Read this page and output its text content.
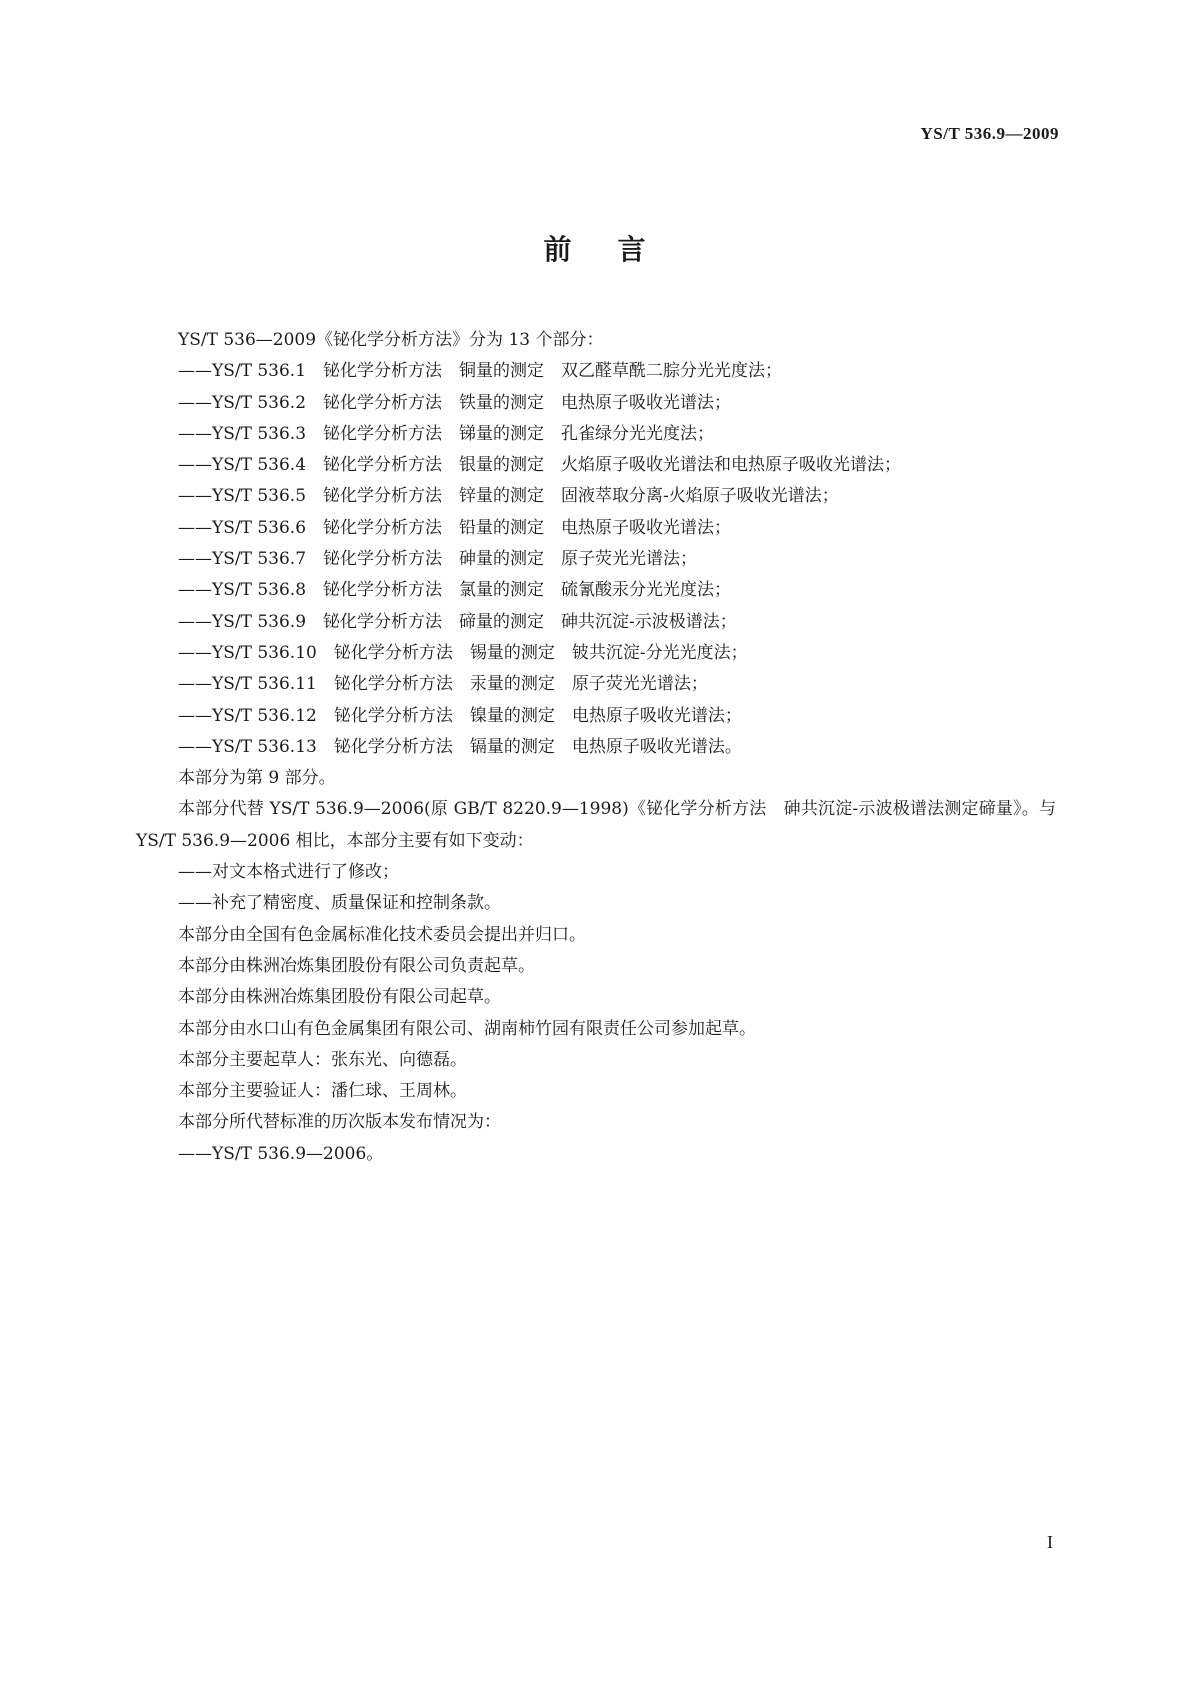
YS/T 536.9—2009
前 言
YS/T 536—2009《铋化学分析方法》分为 13 个部分：
——YS/T 536.1　铋化学分析方法　铜量的测定　双乙醛草酰二腙分光光度法；
——YS/T 536.2　铋化学分析方法　铁量的测定　电热原子吸收光谱法；
——YS/T 536.3　铋化学分析方法　锑量的测定　孔雀绿分光光度法；
——YS/T 536.4　铋化学分析方法　银量的测定　火焰原子吸收光谱法和电热原子吸收光谱法；
——YS/T 536.5　铋化学分析方法　锌量的测定　固液萃取分离-火焰原子吸收光谱法；
——YS/T 536.6　铋化学分析方法　铅量的测定　电热原子吸收光谱法；
——YS/T 536.7　铋化学分析方法　砷量的测定　原子荧光光谱法；
——YS/T 536.8　铋化学分析方法　氯量的测定　硫氰酸汞分光光度法；
——YS/T 536.9　铋化学分析方法　碲量的测定　砷共沉淀-示波极谱法；
——YS/T 536.10　铋化学分析方法　锡量的测定　铍共沉淀-分光光度法；
——YS/T 536.11　铋化学分析方法　汞量的测定　原子荧光光谱法；
——YS/T 536.12　铋化学分析方法　镍量的测定　电热原子吸收光谱法；
——YS/T 536.13　铋化学分析方法　镉量的测定　电热原子吸收光谱法。
本部分为第 9 部分。
本部分代替 YS/T 536.9—2006(原 GB/T 8220.9—1998)《铋化学分析方法　砷共沉淀-示波极谱法测定碲量》。与 YS/T 536.9—2006 相比，本部分主要有如下变动：
——对文本格式进行了修改；
——补充了精密度、质量保证和控制条款。
本部分由全国有色金属标准化技术委员会提出并归口。
本部分由株洲冶炼集团股份有限公司负责起草。
本部分由株洲冶炼集团股份有限公司起草。
本部分由水口山有色金属集团有限公司、湖南柿竹园有限责任公司参加起草。
本部分主要起草人：张东光、向德磊。
本部分主要验证人：潘仁球、王周林。
本部分所代替标准的历次版本发布情况为：
——YS/T 536.9—2006。
I
